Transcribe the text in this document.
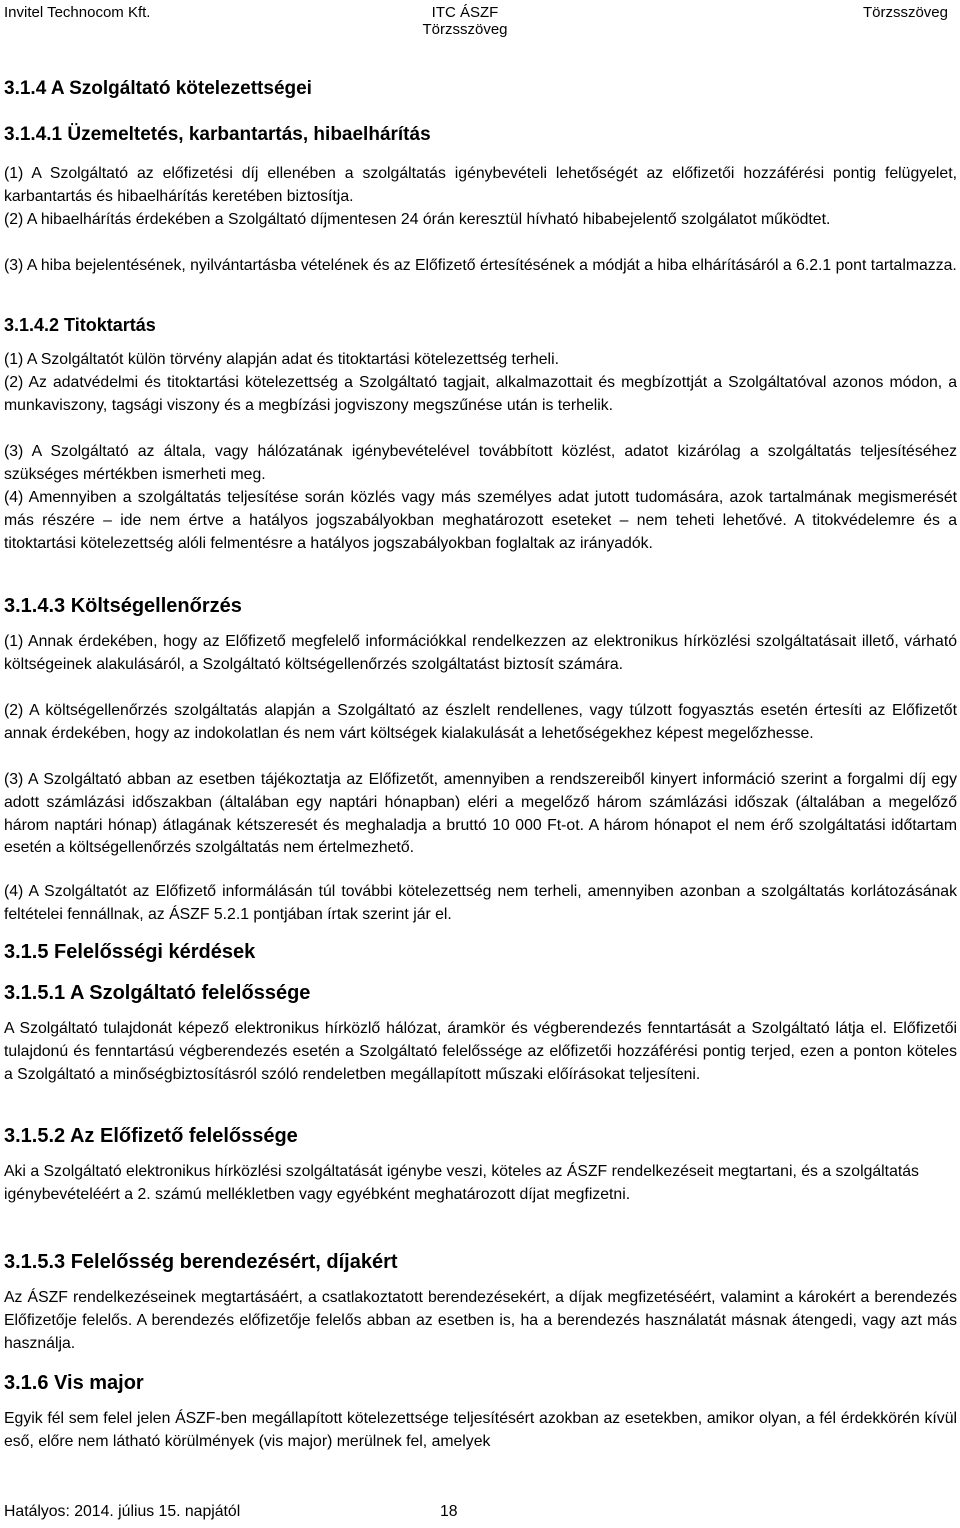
Invitel Technocom Kft.	ITC ÁSZF
Törzsszöveg
Törzsszöveg
3.1.4 A Szolgáltató kötelezettségei
3.1.4.1 Üzemeltetés, karbantartás, hibaelhárítás
(1) A Szolgáltató az előfizetési díj ellenében a szolgáltatás igénybevételi lehetőségét az előfizetői hozzáférési pontig felügyelet, karbantartás és hibaelhárítás keretében biztosítja.
(2) A hibaelhárítás érdekében a Szolgáltató díjmentesen 24 órán keresztül hívható hibabejelentő szolgálatot működtet.
(3) A hiba bejelentésének, nyilvántartásba vételének és az Előfizető értesítésének a módját a hiba elhárításáról a 6.2.1 pont tartalmazza.
3.1.4.2 Titoktartás
(1) A Szolgáltatót külön törvény alapján adat és titoktartási kötelezettség terheli.
(2) Az adatvédelmi és titoktartási kötelezettség a Szolgáltató tagjait, alkalmazottait és megbízottját a Szolgáltatóval azonos módon, a munkaviszony, tagsági viszony és a megbízási jogviszony megszűnése után is terhelik.
(3) A Szolgáltató az általa, vagy hálózatának igénybevételével továbbított közlést, adatot kizárólag a szolgáltatás teljesítéséhez szükséges mértékben ismerheti meg.
(4) Amennyiben a szolgáltatás teljesítése során közlés vagy más személyes adat jutott tudomására, azok tartalmának megismerését más részére – ide nem értve a hatályos jogszabályokban meghatározott eseteket – nem teheti lehetővé. A titokvédelemre és a titoktartási kötelezettség alóli felmentésre a hatályos jogszabályokban foglaltak az irányadók.
3.1.4.3 Költségellenőrzés
(1) Annak érdekében, hogy az Előfizető megfelelő információkkal rendelkezzen az elektronikus hírközlési szolgáltatásait illető, várható költségeinek alakulásáról, a Szolgáltató költségellenőrzés szolgáltatást biztosít számára.
(2) A költségellenőrzés szolgáltatás alapján a Szolgáltató az észlelt rendellenes, vagy túlzott fogyasztás esetén értesíti az Előfizetőt annak érdekében, hogy az indokolatlan és nem várt költségek kialakulását a lehetőségekhez képest megelőzhesse.
(3) A Szolgáltató abban az esetben tájékoztatja az Előfizetőt, amennyiben a rendszereiből kinyert információ szerint a forgalmi díj egy adott számlázási időszakban (általában egy naptári hónapban) eléri a megelőző három számlázási időszak (általában a megelőző három naptári hónap) átlagának kétszeresét és meghaladja a bruttó 10 000 Ft-ot. A három hónapot el nem érő szolgáltatási időtartam esetén a költségellenőrzés szolgáltatás nem értelmezhető.
(4) A Szolgáltatót az Előfizető informálásán túl további kötelezettség nem terheli, amennyiben azonban a szolgáltatás korlátozásának feltételei fennállnak, az ÁSZF 5.2.1 pontjában írtak szerint jár el.
3.1.5 Felelősségi kérdések
3.1.5.1 A Szolgáltató felelőssége
A Szolgáltató tulajdonát képező elektronikus hírközlő hálózat, áramkör és végberendezés fenntartását a Szolgáltató látja el. Előfizetői tulajdonú és fenntartású végberendezés esetén a Szolgáltató felelőssége az előfizetői hozzáférési pontig terjed, ezen a ponton köteles a Szolgáltató a minőségbiztosításról szóló rendeletben megállapított műszaki előírásokat teljesíteni.
3.1.5.2 Az Előfizető felelőssége
Aki a Szolgáltató elektronikus hírközlési szolgáltatását igénybe veszi, köteles az ÁSZF rendelkezéseit megtartani, és a szolgáltatás igénybevételéért a 2. számú mellékletben vagy egyébként meghatározott díjat megfizetni.
3.1.5.3 Felelősség berendezésért, díjakért
Az ÁSZF rendelkezéseinek megtartásáért, a csatlakoztatott berendezésekért, a díjak megfizetéséért, valamint a károkért a berendezés Előfizetője felelős. A berendezés előfizetője felelős abban az esetben is, ha a berendezés használatát másnak átengedi, vagy azt más használja.
3.1.6 Vis major
Egyik fél sem felel jelen ÁSZF-ben megállapított kötelezettsége teljesítésért azokban az esetekben, amikor olyan, a fél érdekkörén kívül eső, előre nem látható körülmények (vis major) merülnek fel, amelyek
Hatályos: 2014. július 15. napjától	18
